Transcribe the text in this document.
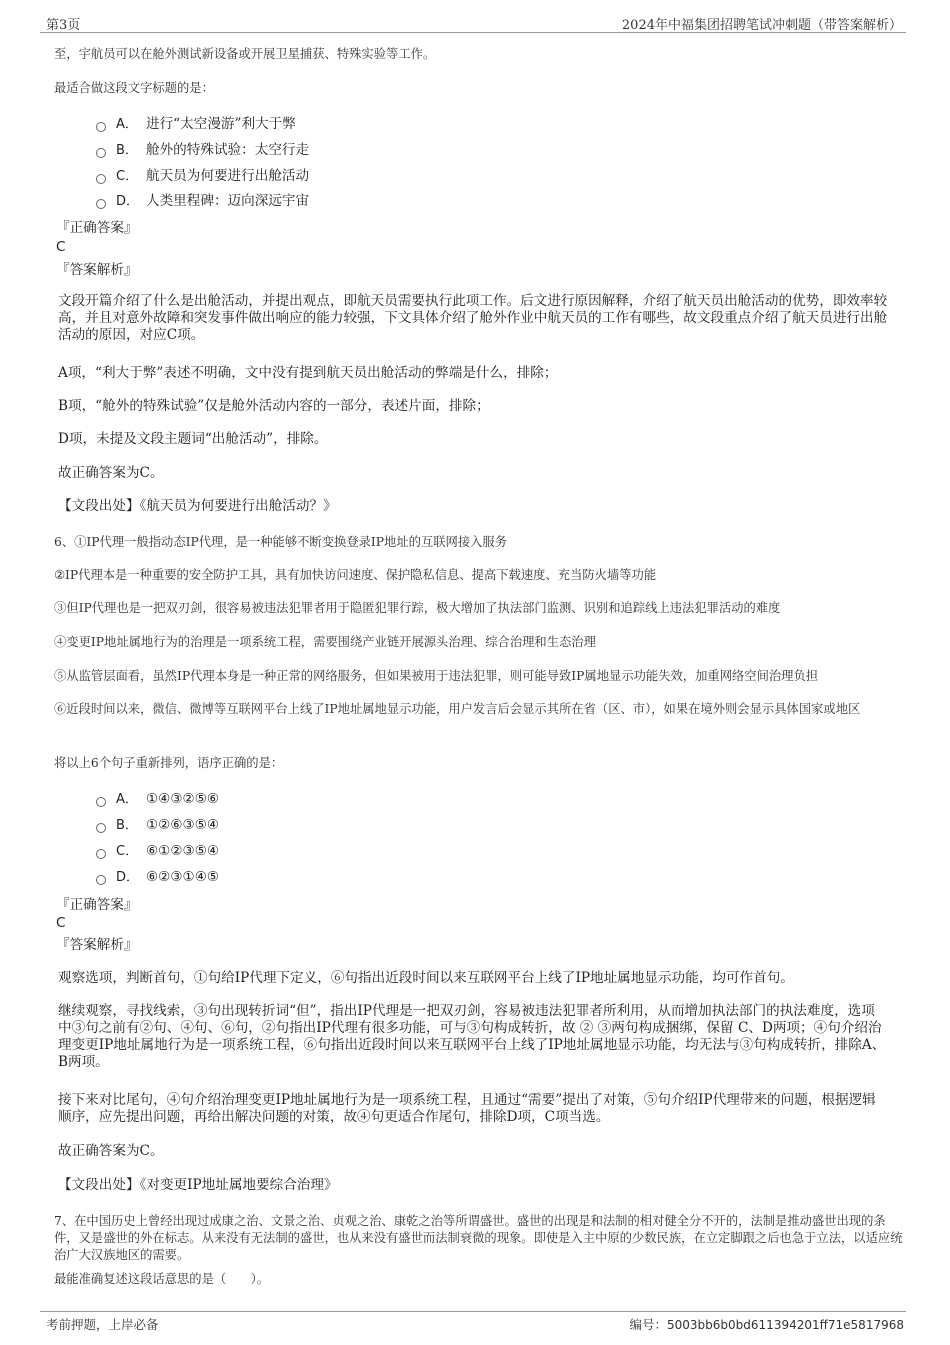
第3页	2024年中福集团招聘笔试冲刺题（带答案解析）

至，宇航员可以在舱外测试新设备或开展卫星捕获、特殊实验等工作。

最适合做这段文字标题的是：

A． 进行“太空漫游”利大于弊
B． 舱外的特殊试验：太空行走
C． 航天员为何要进行出舱活动
D． 人类里程碑：迈向深远宇宙

『正确答案』

C

『答案解析』

文段开篇介绍了什么是出舱活动，并提出观点，即航天员需要执行此项工作。后文进行原因解释，介绍了航天员出舱活动的优势，即效率较高，并且对意外故障和突发事件做出响应的能力较强，下文具体介绍了舱外作业中航天员的工作有哪些，故文段重点介绍了航天员进行出舱活动的原因，对应C项。

A项，“利大于弊”表述不明确，文中没有提到航天员出舱活动的弊端是什么，排除；

B项，“舱外的特殊试验”仅是舱外活动内容的一部分，表述片面，排除；

D项，未提及文段主题词“出舱活动”，排除。

故正确答案为C。

【文段出处】《航天员为何要进行出舱活动？》

6、①IP代理一般指动态IP代理，是一种能够不断变换登录IP地址的互联网接入服务

②IP代理本是一种重要的安全防护工具，具有加快访问速度、保护隐私信息、提高下载速度、充当防火墙等功能

③但IP代理也是一把双刃剑，很容易被违法犯罪者用于隐匿犯罪行踪，极大增加了执法部门监测、识别和追踪线上违法犯罪活动的难度

④变更IP地址属地行为的治理是一项系统工程，需要围绕产业链开展源头治理、综合治理和生态治理

⑤从监管层面看，虽然IP代理本身是一种正常的网络服务，但如果被用于违法犯罪，则可能导致IP属地显示功能失效，加重网络空间治理负担

⑥近段时间以来，微信、微博等互联网平台上线了IP地址属地显示功能，用户发言后会显示其所在省（区、市），如果在境外则会显示具体国家或地区

将以上6个句子重新排列，语序正确的是：

A． ①④③②⑤⑥
B． ①②⑥③⑤④
C． ⑥①②③⑤④
D． ⑥②③①④⑤

『正确答案』

C

『答案解析』

观察选项，判断首句，①句给IP代理下定义，⑥句指出近段时间以来互联网平台上线了IP地址属地显示功能，均可作首句。

继续观察，寻找线索，③句出现转折词“但”，指出IP代理是一把双刃剑，容易被违法犯罪者所利用，从而增加执法部门的执法难度，选项中③句之前有②句、④句、⑥句，②句指出IP代理有很多功能，可与③句构成转折，故 ② ③两句构成捆绑，保留 C、D两项；④句介绍治理变更IP地址属地行为是一项系统工程，⑥句指出近段时间以来互联网平台上线了IP地址属地显示功能，均无法与③句构成转折，排除A、B两项。

接下来对比尾句，④句介绍治理变更IP地址属地行为是一项系统工程，且通过“需要”提出了对策，⑤句介绍IP代理带来的问题，根据逻辑顺序，应先提出问题，再给出解决问题的对策，故④句更适合作尾句，排除D项，C项当选。

故正确答案为C。

【文段出处】《对变更IP地址属地要综合治理》

7、在中国历史上曾经出现过成康之治、文景之治、贞观之治、康乾之治等所谓盛世。盛世的出现是和法制的相对健全分不开的，法制是推动盛世出现的条件，又是盛世的外在标志。从来没有无法制的盛世，也从来没有盛世而法制衰微的现象。即使是入主中原的少数民族，在立定脚跟之后也急于立法，以适应统治广大汉族地区的需要。

最能准确复述这段话意思的是（　　）。

考前押题，上岸必备	编号：5003bb6b0bd611394201ff71e5817968
